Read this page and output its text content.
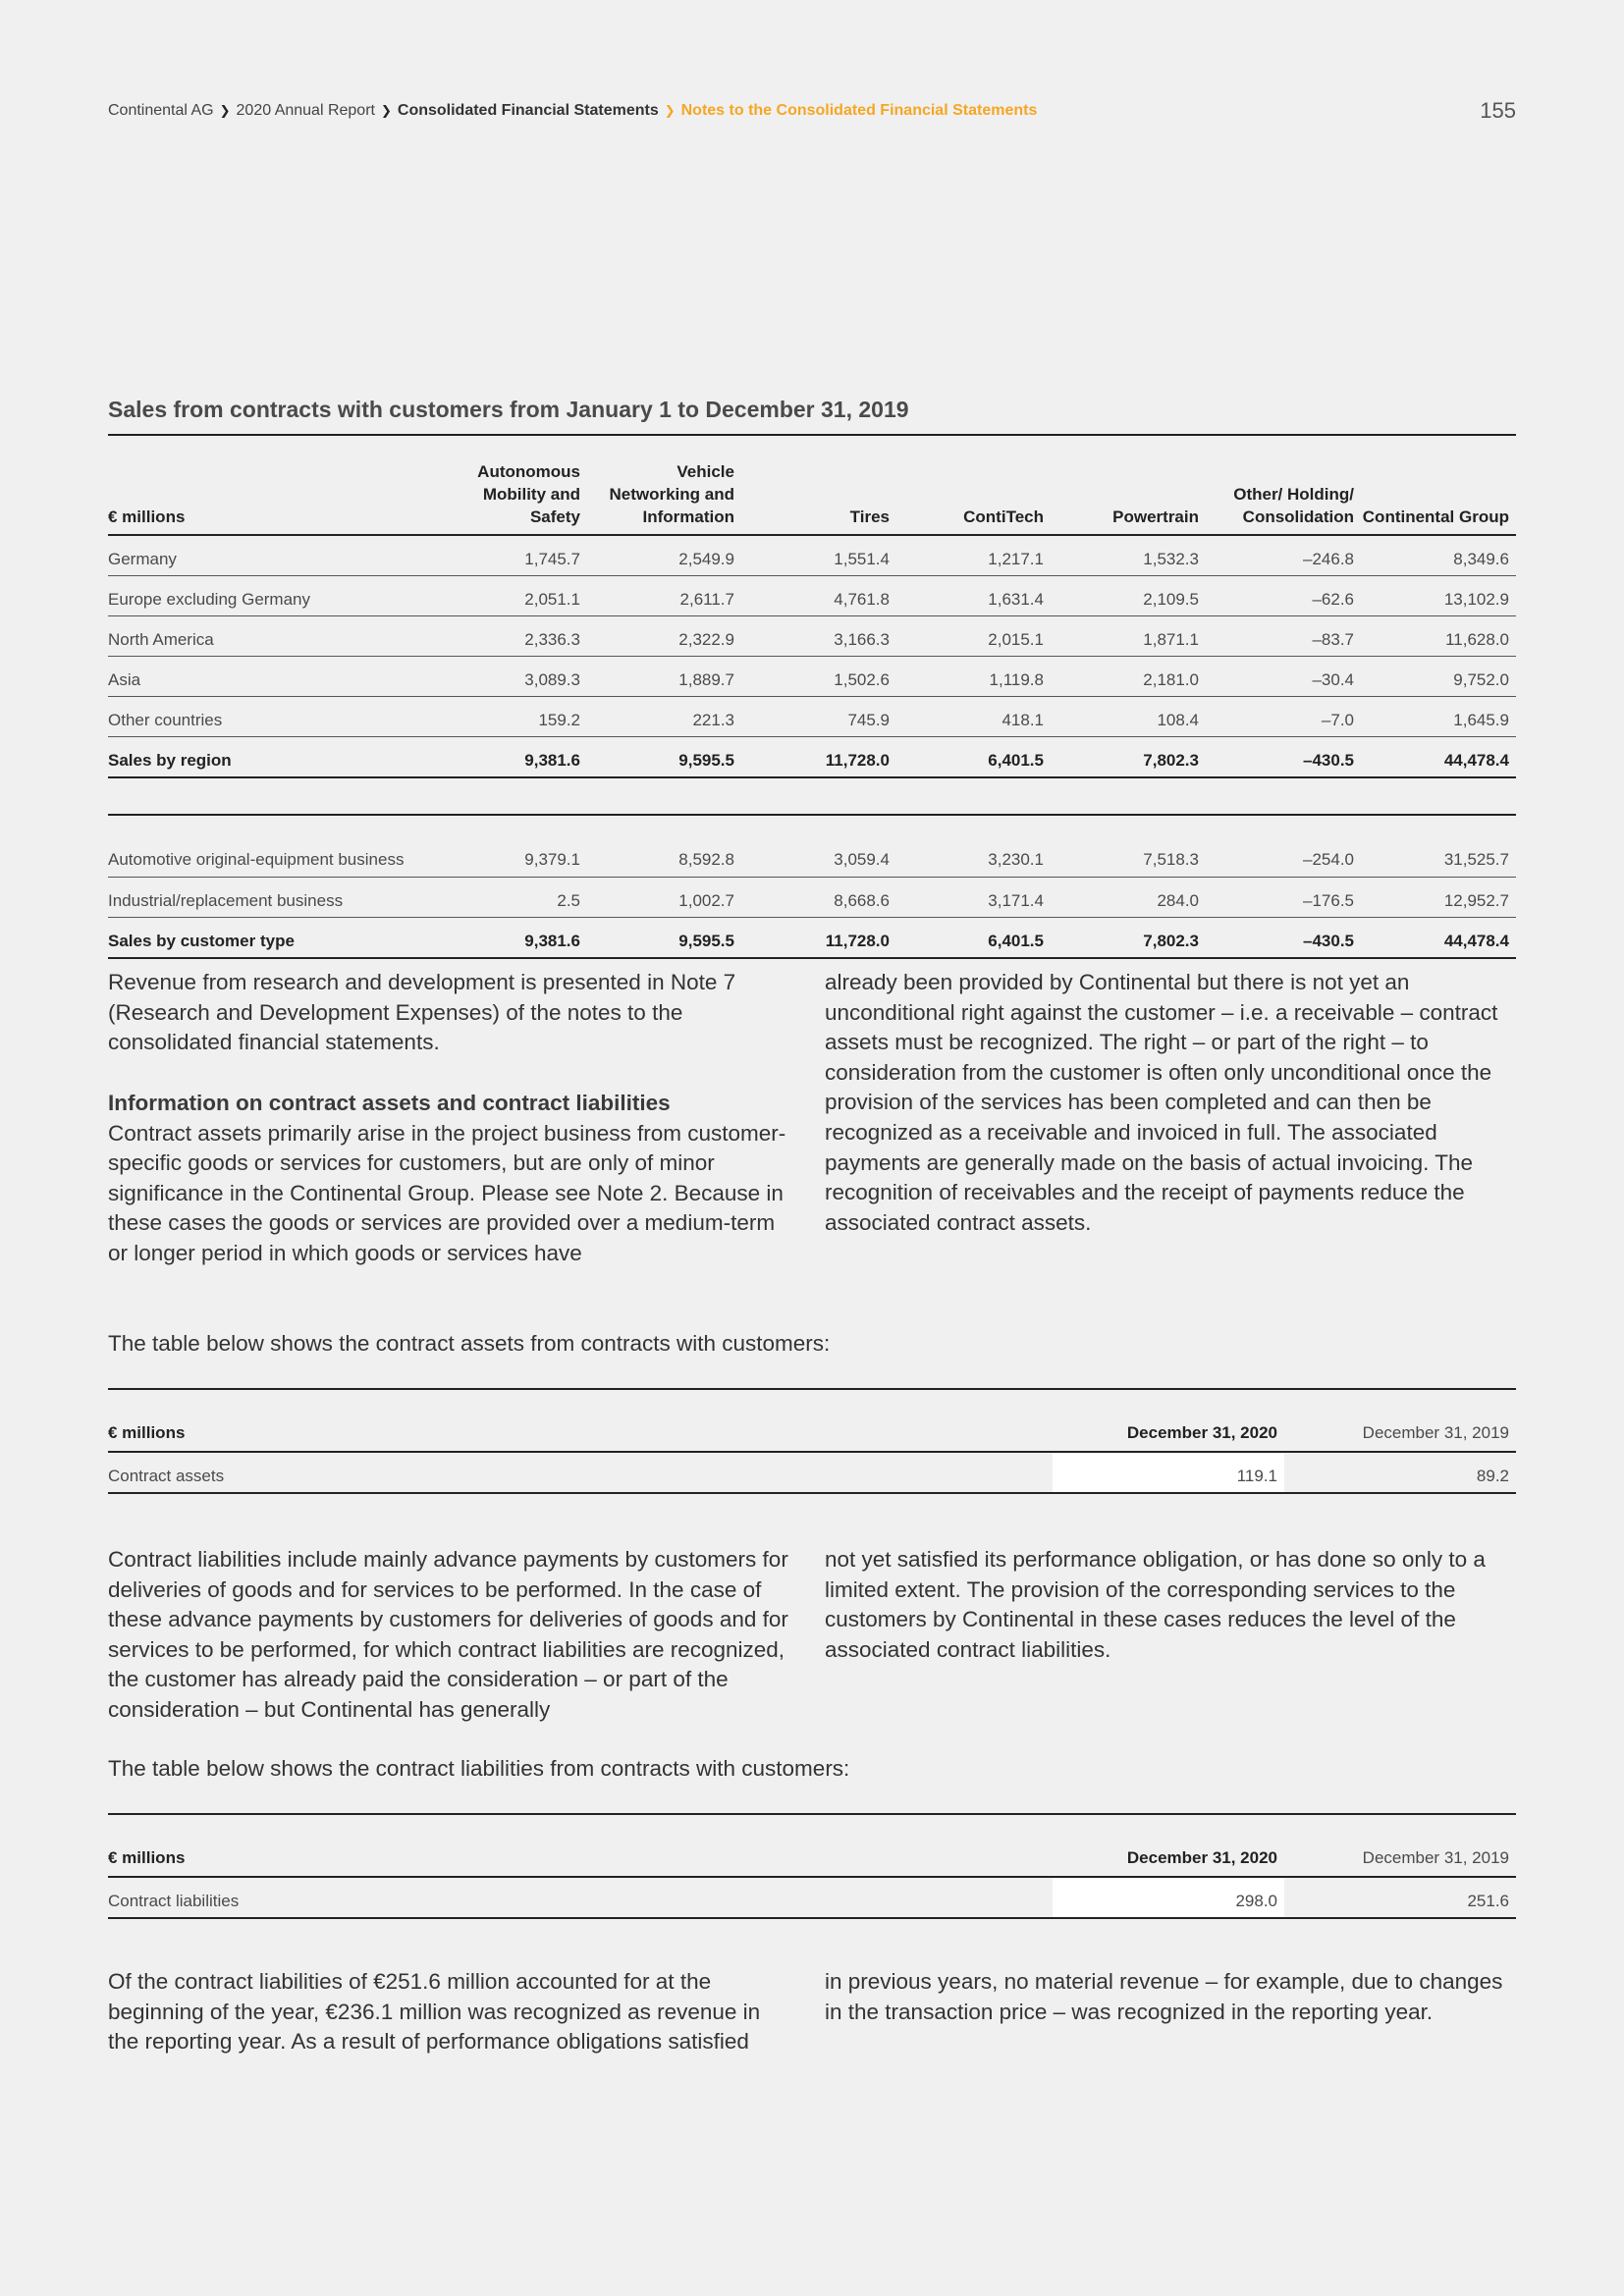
Continental AG ❯ 2020 Annual Report ❯ Consolidated Financial Statements ❯ Notes to the Consolidated Financial Statements	155
Sales from contracts with customers from January 1 to December 31, 2019
€ millions	Autonomous Mobility and Safety	Vehicle Networking and Information	Tires	ContiTech	Powertrain	Other/ Holding/ Consolidation	Continental Group
Germany	1,745.7	2,549.9	1,551.4	1,217.1	1,532.3	–246.8	8,349.6
Europe excluding Germany	2,051.1	2,611.7	4,761.8	1,631.4	2,109.5	–62.6	13,102.9
North America	2,336.3	2,322.9	3,166.3	2,015.1	1,871.1	–83.7	11,628.0
Asia	3,089.3	1,889.7	1,502.6	1,119.8	2,181.0	–30.4	9,752.0
Other countries	159.2	221.3	745.9	418.1	108.4	–7.0	1,645.9
Sales by region	9,381.6	9,595.5	11,728.0	6,401.5	7,802.3	–430.5	44,478.4

Automotive original-equipment business	9,379.1	8,592.8	3,059.4	3,230.1	7,518.3	–254.0	31,525.7
Industrial/replacement business	2.5	1,002.7	8,668.6	3,171.4	284.0	–176.5	12,952.7
Sales by customer type	9,381.6	9,595.5	11,728.0	6,401.5	7,802.3	–430.5	44,478.4
Revenue from research and development is presented in Note 7 (Research and Development Expenses) of the notes to the consolidated financial statements.
Information on contract assets and contract liabilities
Contract assets primarily arise in the project business from customer-specific goods or services for customers, but are only of minor significance in the Continental Group. Please see Note 2. Because in these cases the goods or services are provided over a medium-term or longer period in which goods or services have
already been provided by Continental but there is not yet an unconditional right against the customer – i.e. a receivable – contract assets must be recognized. The right – or part of the right – to consideration from the customer is often only unconditional once the provision of the services has been completed and can then be recognized as a receivable and invoiced in full. The associated payments are generally made on the basis of actual invoicing. The recognition of receivables and the receipt of payments reduce the associated contract assets.
The table below shows the contract assets from contracts with customers:
€ millions	December 31, 2020	December 31, 2019
Contract assets	119.1	89.2
Contract liabilities include mainly advance payments by customers for deliveries of goods and for services to be performed. In the case of these advance payments by customers for deliveries of goods and for services to be performed, for which contract liabilities are recognized, the customer has already paid the consideration – or part of the consideration – but Continental has generally
not yet satisfied its performance obligation, or has done so only to a limited extent. The provision of the corresponding services to the customers by Continental in these cases reduces the level of the associated contract liabilities.
The table below shows the contract liabilities from contracts with customers:
€ millions	December 31, 2020	December 31, 2019
Contract liabilities	298.0	251.6
Of the contract liabilities of €251.6 million accounted for at the beginning of the year, €236.1 million was recognized as revenue in the reporting year. As a result of performance obligations satisfied
in previous years, no material revenue – for example, due to changes in the transaction price – was recognized in the reporting year.
